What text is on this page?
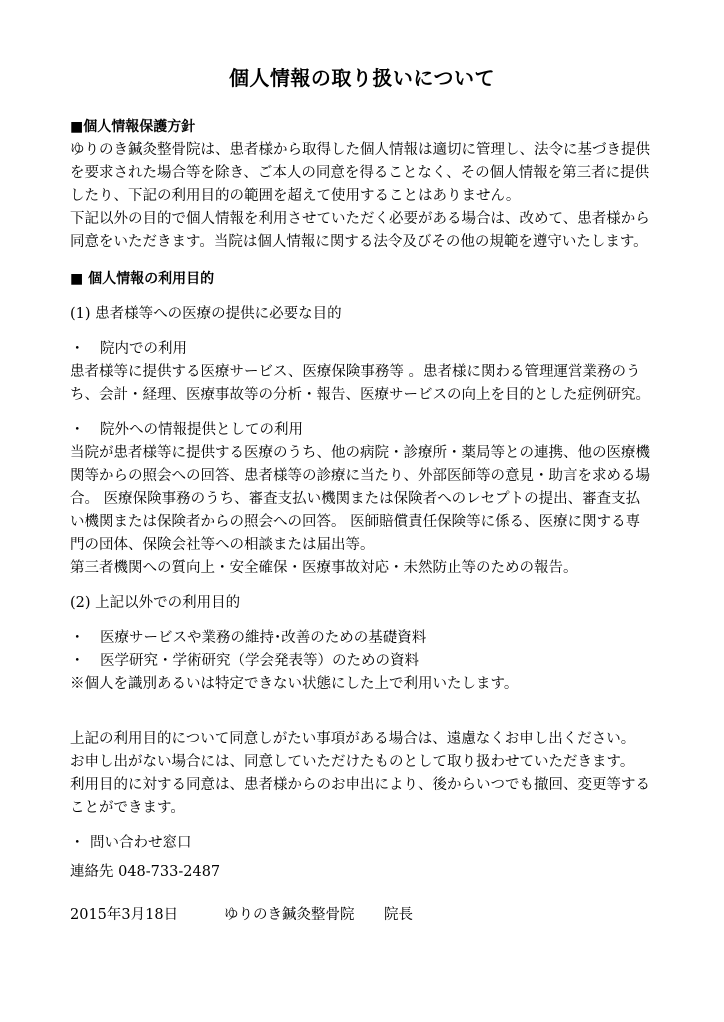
個人情報の取り扱いについて
■個人情報保護方針
ゆりのき鍼灸整骨院は、患者様から取得した個人情報は適切に管理し、法令に基づき提供
を要求された場合等を除き、ご本人の同意を得ることなく、その個人情報を第三者に提供
したり、下記の利用目的の範囲を超えて使用することはありません。
下記以外の目的で個人情報を利用させていただく必要がある場合は、改めて、患者様から
同意をいただきます。当院は個人情報に関する法令及びその他の規範を遵守いたします。
■ 個人情報の利用目的
(1) 患者様等への医療の提供に必要な目的
・ 院内での利用
患者様等に提供する医療サービス、医療保険事務等 。患者様に関わる管理運営業務のう
ち、会計・経理、医療事故等の分析・報告、医療サービスの向上を目的とした症例研究。
・ 院外への情報提供としての利用
当院が患者様等に提供する医療のうち、他の病院・診療所・薬局等との連携、他の医療機
関等からの照会への回答、患者様等の診療に当たり、外部医師等の意見・助言を求める場
合。 医療保険事務のうち、審査支払い機関または保険者へのレセプトの提出、審査支払
い機関または保険者からの照会への回答。 医師賠償責任保険等に係る、医療に関する専
門の団体、保険会社等への相談または届出等。
第三者機関への質向上・安全確保・医療事故対応・未然防止等のための報告。
(2) 上記以外での利用目的
・ 医療サービスや業務の維持･改善のための基礎資料
・ 医学研究・学術研究（学会発表等）のための資料
※個人を識別あるいは特定できない状態にした上で利用いたします。
上記の利用目的について同意しがたい事項がある場合は、遠慮なくお申し出ください。
お申し出がない場合には、同意していただけたものとして取り扱わせていただきます。
利用目的に対する同意は、患者様からのお申出により、後からいつでも撤回、変更等する
ことができます。
・ 問い合わせ窓口
連絡先 048-733-2487
2015年3月18日	ゆりのき鍼灸整骨院 院長
